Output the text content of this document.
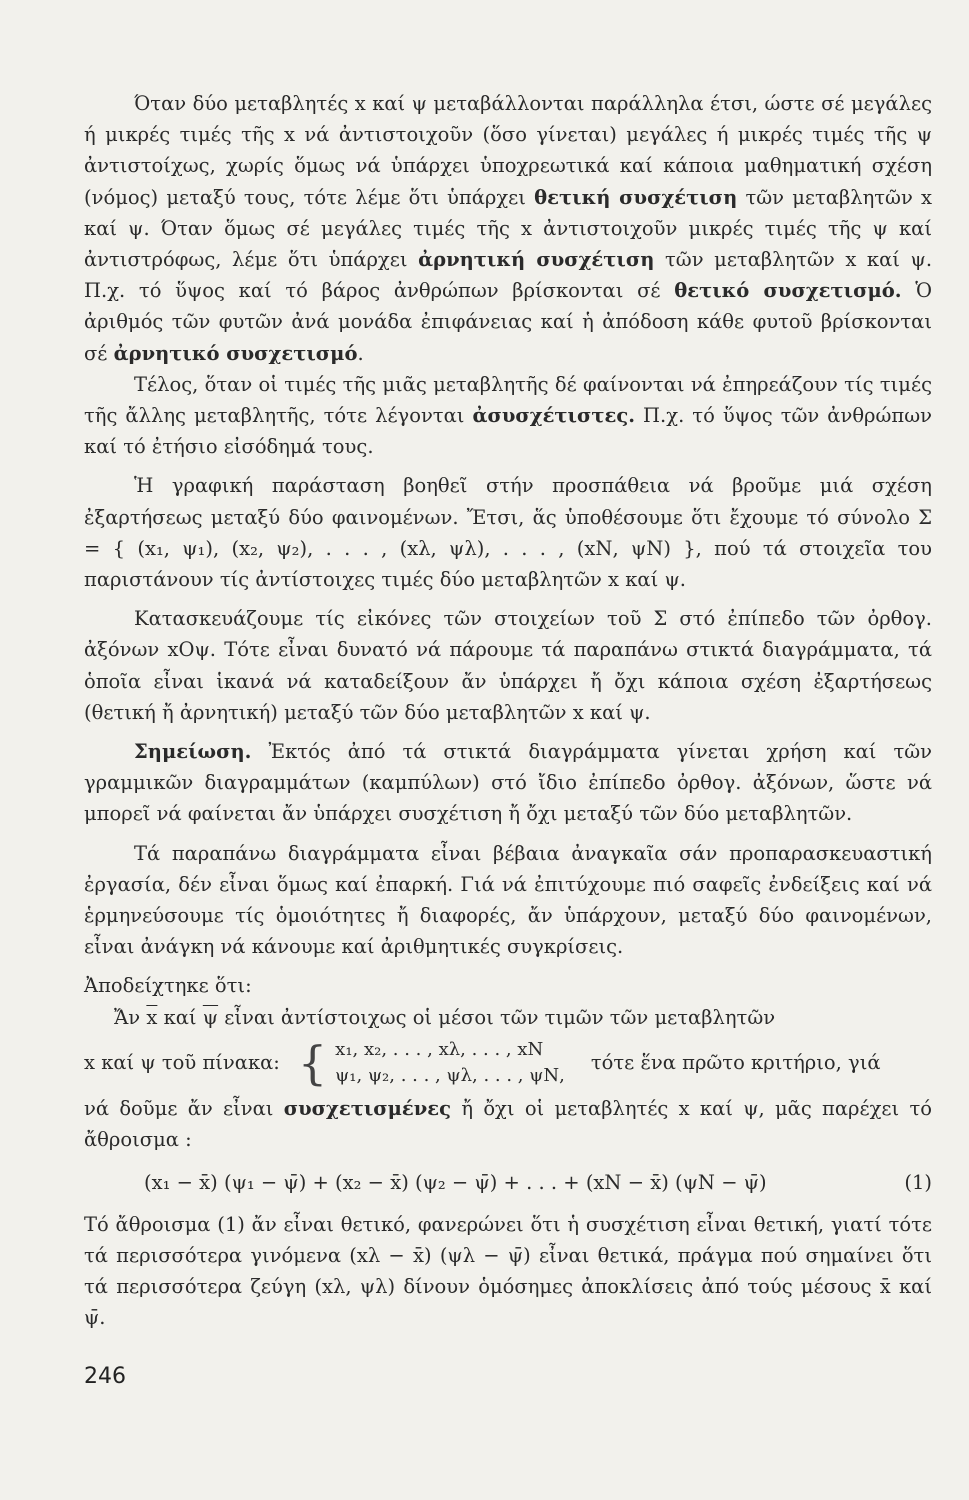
Όταν δύο μεταβλητές x καί ψ μεταβάλλονται παράλληλα έτσι, ώστε σέ μεγάλες ή μικρές τιμές τῆς x νά ἀντιστοιχοῦν (ὅσο γίνεται) μεγάλες ή μικρές τιμές τῆς ψ ἀντιστοίχως, χωρίς ὅμως νά ὑπάρχει ὑποχρεωτικά καί κάποια μαθηματική σχέση (νόμος) μεταξύ τους, τότε λέμε ὅτι ὑπάρχει θετική συσχέτιση τῶν μεταβλητῶν x καί ψ. Όταν ὅμως σέ μεγάλες τιμές τῆς x ἀντιστοιχοῦν μικρές τιμές τῆς ψ καί ἀντιστρόφως, λέμε ὅτι ὑπάρχει ἀρνητική συσχέτιση τῶν μεταβλητῶν x καί ψ. Π.χ. τό ὕψος καί τό βάρος ἀνθρώπων βρίσκονται σέ θετικό συσχετισμό. Ὁ ἀριθμός τῶν φυτῶν ἀνά μονάδα ἐπιφάνειας καί ἡ ἀπόδοση κάθε φυτοῦ βρίσκονται σέ ἀρνητικό συσχετισμό.

Τέλος, ὅταν οἱ τιμές τῆς μιᾶς μεταβλητῆς δέ φαίνονται νά ἐπηρεάζουν τίς τιμές τῆς ἄλλης μεταβλητῆς, τότε λέγονται ἀσυσχέτιστες. Π.χ. τό ὕψος τῶν ἀνθρώπων καί τό ἐτήσιο εἰσόδημά τους.

Ἡ γραφική παράσταση βοηθεῖ στήν προσπάθεια νά βροῦμε μιά σχέση ἐξαρτήσεως μεταξύ δύο φαινομένων. Ἔτσι, ἅς ὑποθέσουμε ὅτι ἔχουμε τό σύνολο Σ = { (x₁, ψ₁), (x₂, ψ₂), . . . , (xλ, ψλ), . . . , (xΝ, ψΝ) }, πού τά στοιχεῖα του παριστάνουν τίς ἀντίστοιχες τιμές δύο μεταβλητῶν x καί ψ.

Κατασκευάζουμε τίς εἰκόνες τῶν στοιχείων τοῦ Σ στό ἐπίπεδο τῶν ὀρθογ. ἀξόνων xOψ. Τότε εἶναι δυνατό νά πάρουμε τά παραπάνω στικτά διαγράμματα, τά ὁποῖα εἶναι ἱκανά νά καταδείξουν ἄν ὑπάρχει ἤ ὄχι κάποια σχέση ἐξαρτήσεως (θετική ἤ ἀρνητική) μεταξύ τῶν δύο μεταβλητῶν x καί ψ.

Σημείωση. Ἐκτός ἀπό τά στικτά διαγράμματα γίνεται χρήση καί τῶν γραμμικῶν διαγραμμάτων (καμπύλων) στό ἴδιο ἐπίπεδο ὀρθογ. ἀξόνων, ὥστε νά μπορεῖ νά φαίνεται ἄν ὑπάρχει συσχέτιση ἤ ὄχι μεταξύ τῶν δύο μεταβλητῶν.

Τά παραπάνω διαγράμματα εἶναι βέβαια ἀναγκαῖα σάν προπαρασκευαστική ἐργασία, δέν εἶναι ὅμως καί ἐπαρκή. Γιά νά ἐπιτύχουμε πιό σαφεῖς ἐνδείξεις καί νά ἑρμηνεύσουμε τίς ὁμοιότητες ἤ διαφορές, ἄν ὑπάρχουν, μεταξύ δύο φαινομένων, εἶναι ἀνάγκη νά κάνουμε καί ἀριθμητικές συγκρίσεις.

Ἀποδείχτηκε ὅτι:

Ἄν $\overline{x}$ καί $\overline{\psi}$ εἶναι ἀντίστοιχως οἱ μέσοι τῶν τιμῶν τῶν μεταβλητῶν

x καί ψ τοῦ πίνακα: { x₁, x₂, . . . , xλ, . . . , xΝ
ψ₁, ψ₂, . . . , ψλ, . . . , ψΝ,
τότε ἕνα πρῶτο κριτήριο, γιά

νά δοῦμε ἄν εἶναι συσχετισμένες ἤ ὄχι οἱ μεταβλητές x καί ψ, μᾶς παρέχει τό ἄθροισμα :

(x₁ − x̄) (ψ₁ − ψ̄) + (x₂ − x̄) (ψ₂ − ψ̄) + . . . + (xΝ − x̄) (ψΝ − ψ̄)	(1)

Τό ἄθροισμα (1) ἄν εἶναι θετικό, φανερώνει ὅτι ἡ συσχέτιση εἶναι θετική, γιατί τότε τά περισσότερα γινόμενα (xλ − x̄) (ψλ − ψ̄) εἶναι θετικά, πράγμα πού σημαίνει ὅτι τά περισσότερα ζεύγη (xλ, ψλ) δίνουν ὁμόσημες ἀποκλίσεις ἀπό τούς μέσους x̄ καί ψ̄.

246
